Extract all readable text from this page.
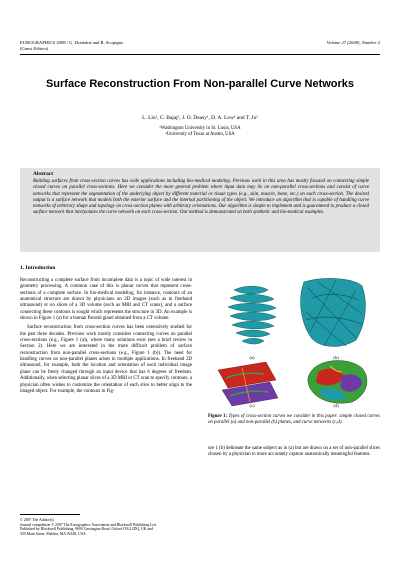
EUROGRAPHICS 2008 / G. Drettakis and R. Scopigno
(Guest Editors)
Volume 27 (2008), Number 2
Surface Reconstruction From Non-parallel Curve Networks
L. Liu¹, C. Bajaj², J. O. Deasy¹, D. A. Low¹ and T. Ju¹
¹Washington University in St. Louis, USA
²University of Texas at Austin, USA
Abstract
Building surfaces from cross-section curves has wide applications including bio-medical modeling. Previous work in this area has mostly focused on connecting simple closed curves on parallel cross-sections. Here we consider the more general problem where input data may lie on non-parallel cross-sections and consist of curve networks that represent the segmentation of the underlying object by different material or tissue types (e.g., skin, muscle, bone, etc.) on each cross-section. The desired output is a surface network that models both the exterior surface and the internal partitioning of the object. We introduce an algorithm that is capable of handling curve networks of arbitrary shape and topology on cross-section planes with arbitrary orientations. Our algorithm is simple to implement and is guaranteed to produce a closed surface network that interpolates the curve network on each cross-section. Our method is demonstrated on both synthetic and bio-medical examples.
1. Introduction

Reconstructing a complete surface from incomplete data is a topic of wide interest in geometry processing. A common case of this is planar curves that represent cross-sections of a complete surface. In bio-medical modeling, for instance, contours of an anatomical structure are drawn by physicians on 2D images (such as in freehand ultrasound) or on slices of a 3D volume (such as MRI and CT scans), and a surface connecting these contours is sought which represents the structure in 3D. An example is shown in Figure 1 (a) for a human Parotid gland obtained from a CT volume.

Surface reconstruction from cross-section curves has been extensively studied for the past three decades. Previous work mostly considers connecting curves on parallel cross-sections (e.g., Figure 1 (a)), where many solutions exist (see a brief review in Section 2). Here we are interested in the more difficult problem of surface reconstruction from non-parallel cross-sections (e.g., Figure 1 (b)). The need for handling curves on non-parallel planes arises in multiple applications. In freehand 2D ultrasound, for example, both the location and orientation of each individual image plane can be freely changed through an input device that has 6 degrees of freedom. Additionally, when selecting planar slices of a 3D MRI or CT scan to specify contours, a physician often wishes to customize the orientation of each slice to better align to the imaged object. For example, the contours in Fig-

(a)	(b)
(c)	(d)
Figure 1: Types of cross-section curves we consider in this paper: simple closed curves on parallel (a) and non-parallel (b) planes, and curve networks (c,d).
ure 1 (b) delineate the same subject as in (a) but are drawn on a set of non-parallel slices chosen by a physician to more accurately capture anatomically meaningful features.
© 2007 The Author(s)
Journal compilation © 2007 The Eurographics Association and Blackwell Publishing Ltd.
Published by Blackwell Publishing, 9600 Garsington Road, Oxford OX4 2DQ, UK and
350 Main Street, Malden, MA 02148, USA.
